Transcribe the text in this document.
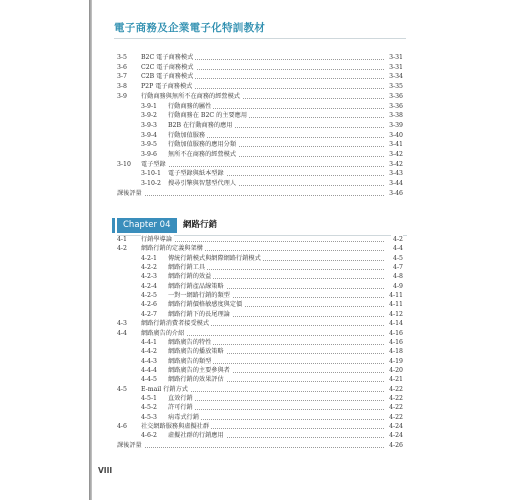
電子商務及企業電子化特訓教材
3-5 B2C 電子商務模式	3-31
3-6 C2C 電子商務模式	3-31
3-7 C2B 電子商務模式	3-34
3-8 P2P 電子商務模式	3-35
3-9 行動商務與無所不在商務的經營模式	3-36
3-9-1 行動商務的屬性	3-36
3-9-2 行動商務在 B2C 的主要應用	3-38
3-9-3 B2B 在行動商務的應用	3-39
3-9-4 行動加值服務	3-40
3-9-5 行動加值服務的應用分類	3-41
3-9-6 無所不在商務的經營模式	3-42
3-10 電子型錄	3-42
3-10-1 電子型錄與紙本型錄	3-43
3-10-2 搜尋引擎與智慧型代理人	3-44
課後評量	3-46
Chapter 04	網路行銷
4-1 行銷學導論	4-2
4-2 網路行銷的定義與架構	4-4
4-2-1 傳統行銷模式與網際網路行銷模式	4-5
4-2-2 網路行銷工具	4-7
4-2-3 網路行銷的效益	4-8
4-2-4 網路行銷產品線策略	4-9
4-2-5 一對一網路行銷的類型	4-11
4-2-6 網路行銷價格敏感度與定價	4-11
4-2-7 網路行銷下的長尾理論	4-12
4-3 網路行銷消費者接受模式	4-14
4-4 網路廣告的介紹	4-16
4-4-1 網路廣告的特性	4-16
4-4-2 網路廣告的播放策略	4-18
4-4-3 網路廣告的類型	4-19
4-4-4 網路廣告的主要參與者	4-20
4-4-5 網路行銷的效果評估	4-21
4-5 E-mail 行銷方式	4-22
4-5-1 直效行銷	4-22
4-5-2 許可行銷	4-22
4-5-3 病毒式行銷	4-22
4-6 社交網路服務與虛擬社群	4-24
4-6-2 虛擬社群的行銷應用	4-24
課後評量	4-26
VIII
